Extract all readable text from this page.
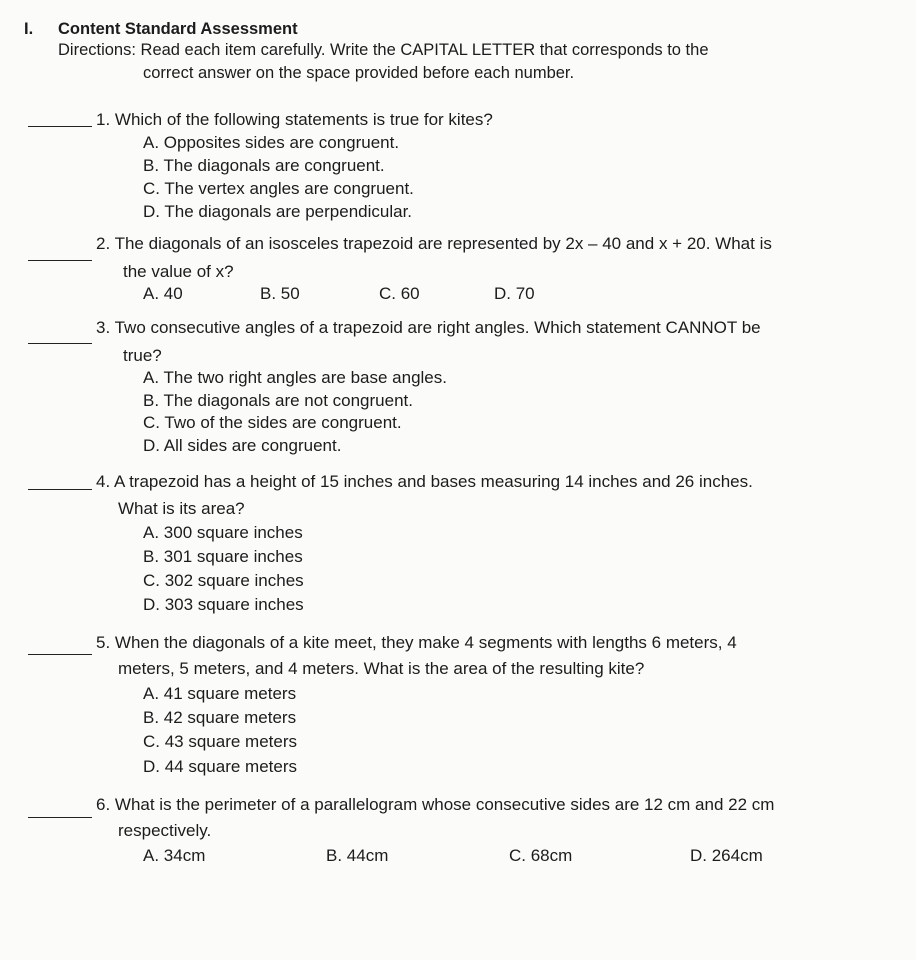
I. Content Standard Assessment
Directions: Read each item carefully. Write the CAPITAL LETTER that corresponds to the
correct answer on the space provided before each number.
1. Which of the following statements is true for kites?
A. Opposites sides are congruent.
B. The diagonals are congruent.
C. The vertex angles are congruent.
D. The diagonals are perpendicular.
2. The diagonals of an isosceles trapezoid are represented by 2x – 40 and x + 20. What is
the value of x?
A. 40	B. 50	C. 60	D. 70
3. Two consecutive angles of a trapezoid are right angles. Which statement CANNOT be
true?
A. The two right angles are base angles.
B. The diagonals are not congruent.
C. Two of the sides are congruent.
D. All sides are congruent.
4. A trapezoid has a height of 15 inches and bases measuring 14 inches and 26 inches.
What is its area?
A. 300 square inches
B. 301 square inches
C. 302 square inches
D. 303 square inches
5. When the diagonals of a kite meet, they make 4 segments with lengths 6 meters, 4
meters, 5 meters, and 4 meters. What is the area of the resulting kite?
A. 41 square meters
B. 42 square meters
C. 43 square meters
D. 44 square meters
6. What is the perimeter of a parallelogram whose consecutive sides are 12 cm and 22 cm
respectively.
A. 34cm	B. 44cm	C. 68cm	D. 264cm
